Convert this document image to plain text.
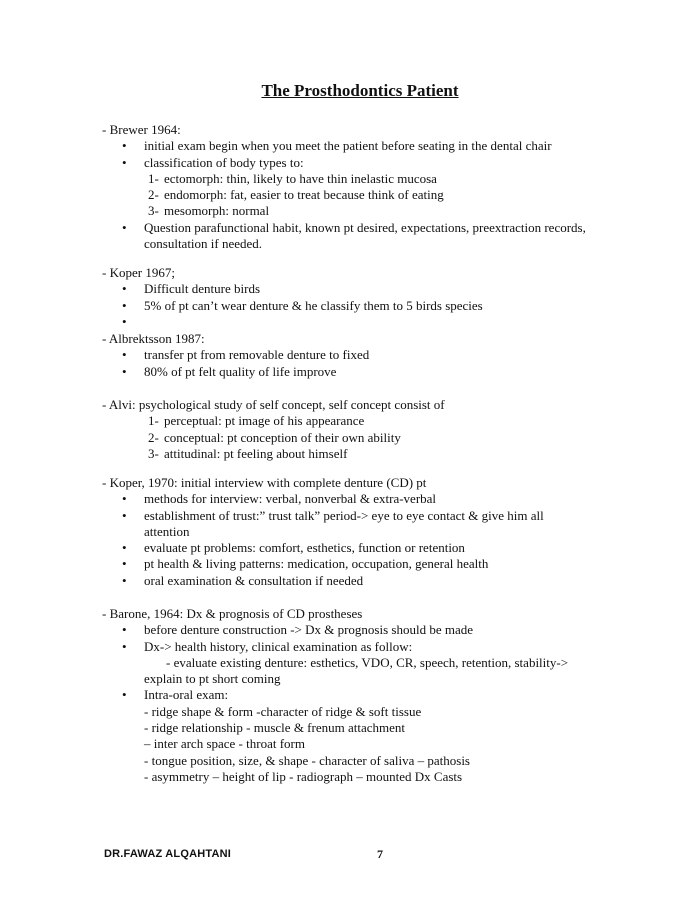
The Prosthodontics Patient
- Brewer 1964:
• initial exam begin when you meet the patient before seating in the dental chair
• classification of body types to:
1- ectomorph: thin, likely to have thin inelastic mucosa
2- endomorph: fat, easier to treat because think of eating
3- mesomorph: normal
• Question parafunctional habit, known pt desired, expectations, preextraction records, consultation if needed.
- Koper 1967;
• Difficult denture birds
• 5% of pt can’t wear denture & he classify them to 5 birds species
•

- Albrektsson 1987:
• transfer pt from removable denture to fixed
• 80% of pt felt quality of life improve
- Alvi: psychological study of self concept, self concept consist of
1- perceptual: pt image of his appearance
2- conceptual: pt conception of their own ability
3- attitudinal: pt feeling about himself
- Koper, 1970: initial interview with complete denture (CD) pt
• methods for interview: verbal, nonverbal & extra-verbal
• establishment of trust:” trust talk” period-> eye to eye contact & give him all attention
• evaluate pt problems: comfort, esthetics, function or retention
• pt health & living patterns: medication, occupation, general health
• oral examination & consultation if needed
- Barone, 1964: Dx & prognosis of CD prostheses
• before denture construction -> Dx & prognosis should be made
• Dx-> health history, clinical examination as follow:
- evaluate existing denture: esthetics, VDO, CR, speech, retention, stability->
explain to pt short coming
• Intra-oral exam:
- ridge shape & form -character of ridge & soft tissue
- ridge relationship - muscle & frenum attachment
– inter arch space - throat form
- tongue position, size, & shape - character of saliva – pathosis
- asymmetry – height of lip - radiograph – mounted Dx Casts
DR.FAWAZ ALQAHTANI	7
